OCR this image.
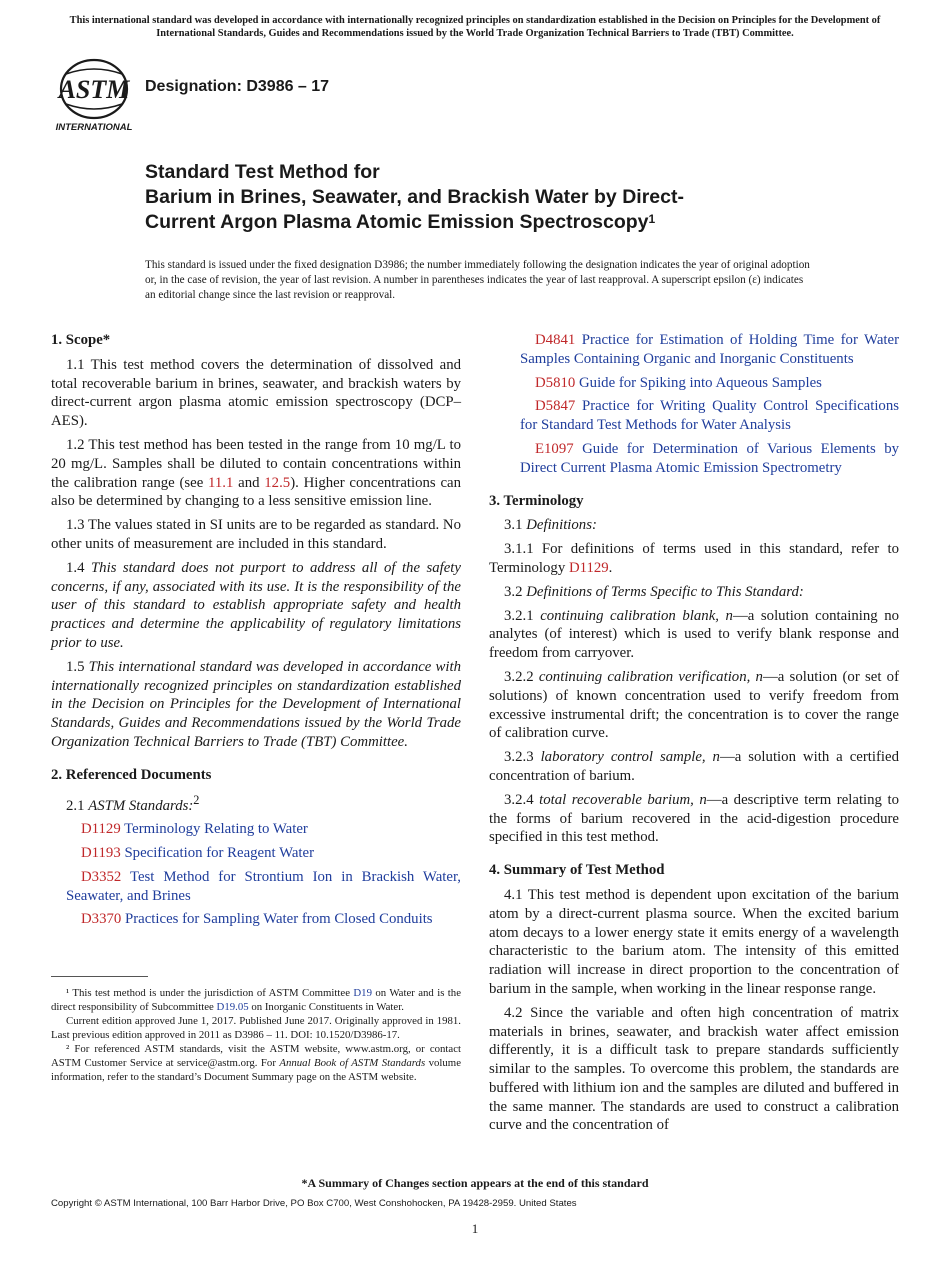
This international standard was developed in accordance with internationally recognized principles on standardization established in the Decision on Principles for the Development of International Standards, Guides and Recommendations issued by the World Trade Organization Technical Barriers to Trade (TBT) Committee.
ASTM
INTERNATIONAL
Designation: D3986 – 17
Standard Test Method for
Barium in Brines, Seawater, and Brackish Water by Direct-
Current Argon Plasma Atomic Emission Spectroscopy$^1$
This standard is issued under the fixed designation D3986; the number immediately following the designation indicates the year of original adoption or, in the case of revision, the year of last revision. A number in parentheses indicates the year of last reapproval. A superscript epsilon (ε) indicates an editorial change since the last revision or reapproval.
1. Scope*

1.1 This test method covers the determination of dissolved and total recoverable barium in brines, seawater, and brackish waters by direct-current argon plasma atomic emission spectroscopy (DCP–AES).

1.2 This test method has been tested in the range from 10 mg/L to 20 mg/L. Samples shall be diluted to contain concentrations within the calibration range (see 11.1 and 12.5). Higher concentrations can also be determined by changing to a less sensitive emission line.

1.3 The values stated in SI units are to be regarded as standard. No other units of measurement are included in this standard.

1.4 This standard does not purport to address all of the safety concerns, if any, associated with its use. It is the responsibility of the user of this standard to establish appropriate safety and health practices and determine the applicability of regulatory limitations prior to use.

1.5 This international standard was developed in accordance with internationally recognized principles on standardization established in the Decision on Principles for the Development of International Standards, Guides and Recommendations issued by the World Trade Organization Technical Barriers to Trade (TBT) Committee.

2. Referenced Documents

2.1 ASTM Standards:$^2$

D1129 Terminology Relating to Water

D1193 Specification for Reagent Water

D3352 Test Method for Strontium Ion in Brackish Water, Seawater, and Brines

D3370 Practices for Sampling Water from Closed Conduits

¹ This test method is under the jurisdiction of ASTM Committee D19 on Water and is the direct responsibility of Subcommittee D19.05 on Inorganic Constituents in Water.

Current edition approved June 1, 2017. Published June 2017. Originally approved in 1981. Last previous edition approved in 2011 as D3986 – 11. DOI: 10.1520/D3986-17.

² For referenced ASTM standards, visit the ASTM website, www.astm.org, or contact ASTM Customer Service at service@astm.org. For Annual Book of ASTM Standards volume information, refer to the standard’s Document Summary page on the ASTM website.

D4841 Practice for Estimation of Holding Time for Water Samples Containing Organic and Inorganic Constituents

D5810 Guide for Spiking into Aqueous Samples

D5847 Practice for Writing Quality Control Specifications for Standard Test Methods for Water Analysis

E1097 Guide for Determination of Various Elements by Direct Current Plasma Atomic Emission Spectrometry

3. Terminology

3.1 Definitions:

3.1.1 For definitions of terms used in this standard, refer to Terminology D1129.

3.2 Definitions of Terms Specific to This Standard:

3.2.1 continuing calibration blank, n—a solution containing no analytes (of interest) which is used to verify blank response and freedom from carryover.

3.2.2 continuing calibration verification, n—a solution (or set of solutions) of known concentration used to verify freedom from excessive instrumental drift; the concentration is to cover the range of calibration curve.

3.2.3 laboratory control sample, n—a solution with a certified concentration of barium.

3.2.4 total recoverable barium, n—a descriptive term relating to the forms of barium recovered in the acid-digestion procedure specified in this test method.

4. Summary of Test Method

4.1 This test method is dependent upon excitation of the barium atom by a direct-current plasma source. When the excited barium atom decays to a lower energy state it emits energy of a wavelength characteristic to the barium atom. The intensity of this emitted radiation will increase in direct proportion to the concentration of barium in the sample, when working in the linear response range.

4.2 Since the variable and often high concentration of matrix materials in brines, seawater, and brackish water affect emission differently, it is a difficult task to prepare standards sufficiently similar to the samples. To overcome this problem, the standards are buffered with lithium ion and the samples are diluted and buffered in the same manner. The standards are used to construct a calibration curve and the concentration of

*A Summary of Changes section appears at the end of this standard
Copyright © ASTM International, 100 Barr Harbor Drive, PO Box C700, West Conshohocken, PA 19428-2959. United States
1
